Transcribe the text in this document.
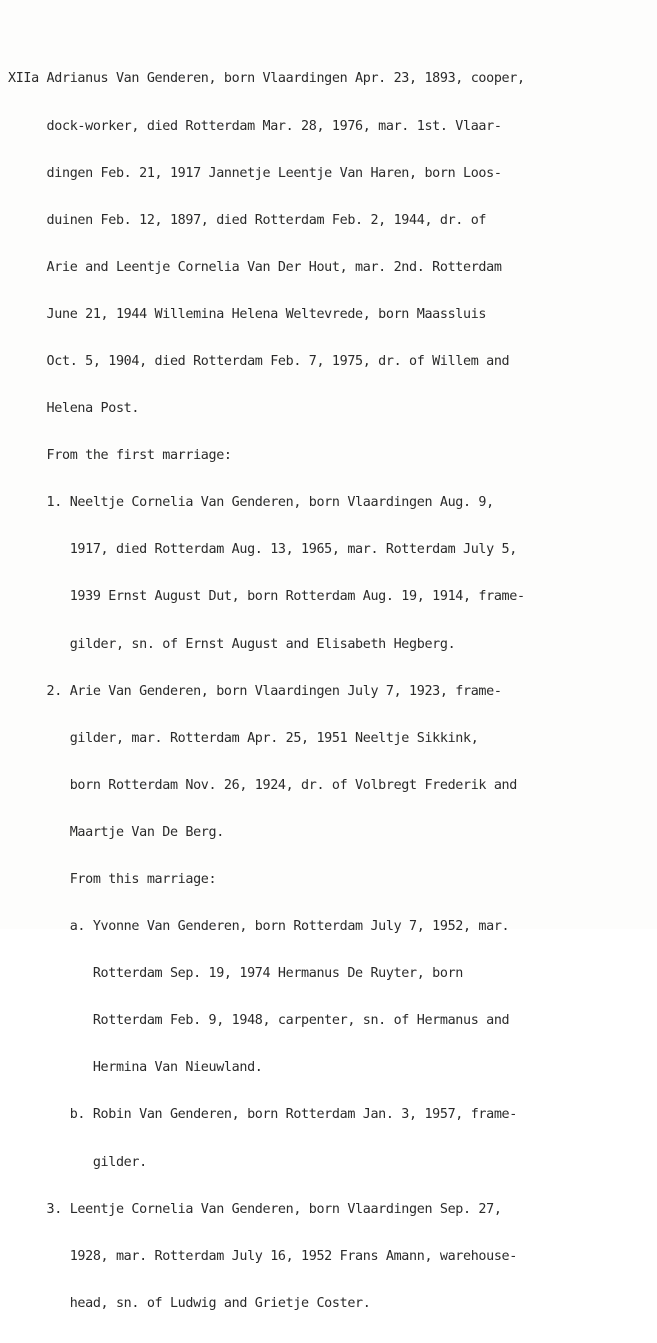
XIIa Adrianus Van Genderen, born Vlaardingen Apr. 23, 1893, cooper,

dock-worker, died Rotterdam Mar. 28, 1976, mar. 1st. Vlaar-

dingen Feb. 21, 1917 Jannetje Leentje Van Haren, born Loos-

duinen Feb. 12, 1897, died Rotterdam Feb. 2, 1944, dr. of

Arie and Leentje Cornelia Van Der Hout, mar. 2nd. Rotterdam

June 21, 1944 Willemina Helena Weltevrede, born Maassluis

Oct. 5, 1904, died Rotterdam Feb. 7, 1975, dr. of Willem and

Helena Post.

From the first marriage:

1. Neeltje Cornelia Van Genderen, born Vlaardingen Aug. 9,

1917, died Rotterdam Aug. 13, 1965, mar. Rotterdam July 5,

1939 Ernst August Dut, born Rotterdam Aug. 19, 1914, frame-

gilder, sn. of Ernst August and Elisabeth Hegberg.

2. Arie Van Genderen, born Vlaardingen July 7, 1923, frame-

gilder, mar. Rotterdam Apr. 25, 1951 Neeltje Sikkink,

born Rotterdam Nov. 26, 1924, dr. of Volbregt Frederik and

Maartje Van De Berg.

From this marriage:

a. Yvonne Van Genderen, born Rotterdam July 7, 1952, mar.

Rotterdam Sep. 19, 1974 Hermanus De Ruyter, born

Rotterdam Feb. 9, 1948, carpenter, sn. of Hermanus and

Hermina Van Nieuwland.

b. Robin Van Genderen, born Rotterdam Jan. 3, 1957, frame-

gilder.

3. Leentje Cornelia Van Genderen, born Vlaardingen Sep. 27,

1928, mar. Rotterdam July 16, 1952 Frans Amann, warehouse-

head, sn. of Ludwig and Grietje Coster.
